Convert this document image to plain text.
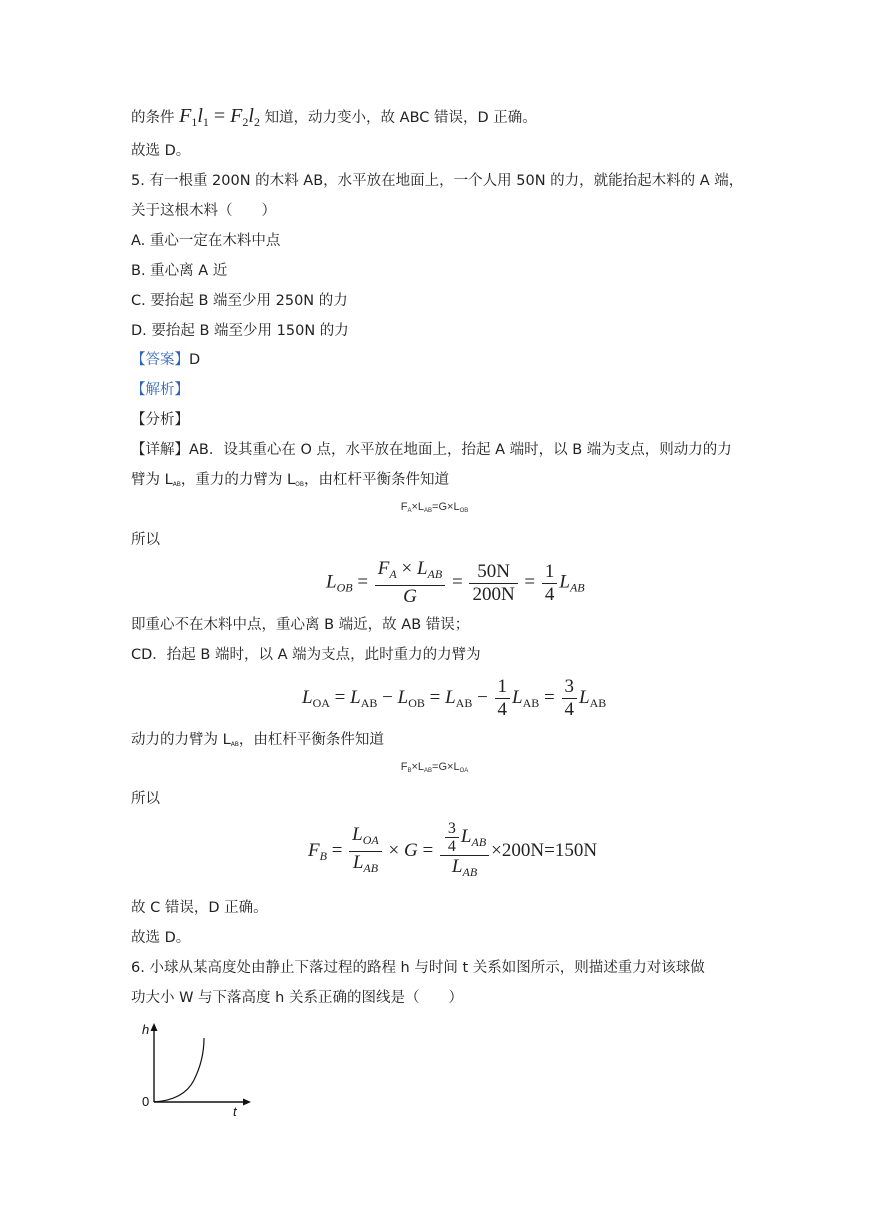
的条件 $F_1l_1 = F_2l_2$ 知道，动力变小，故 ABC 错误，D 正确。
故选 D。
5. 有一根重 200N 的木料 AB，水平放在地面上，一个人用 50N 的力，就能抬起木料的 A 端，
关于这根木料（　　）
A. 重心一定在木料中点
B. 重心离 A 近
C. 要抬起 B 端至少用 250N 的力
D. 要抬起 B 端至少用 150N 的力
【答案】D
【解析】
【分析】
【详解】AB．设其重心在 O 点，水平放在地面上，抬起 A 端时，以 B 端为支点，则动力的力
臂为 LAB，重力的力臂为 LOB，由杠杆平衡条件知道
FA×LAB=G×LOB
所以
$L_{OB} = \frac{F_A \times L_{AB}}{G} = \frac{50N}{200N} = \frac{1}{4} L_{AB}$
即重心不在木料中点，重心离 B 端近，故 AB 错误；
CD．抬起 B 端时，以 A 端为支点，此时重力的力臂为
$L_{OA} = L_{AB} - L_{OB} = L_{AB} - \frac{1}{4} L_{AB} = \frac{3}{4} L_{AB}$
动力的力臂为 LAB，由杠杆平衡条件知道
FB×LAB=G×LOA
所以
$F_B = \frac{L_{OA}}{L_{AB}} \times G = \frac{\frac{3}{4} L_{AB}}{L_{AB}} \times 200N=150N$
故 C 错误，D 正确。
故选 D。
6. 小球从某高度处由静止下落过程的路程 h 与时间 t 关系如图所示，则描述重力对该球做
功大小 W 与下落高度 h 关系正确的图线是（　　）
h
0
t
